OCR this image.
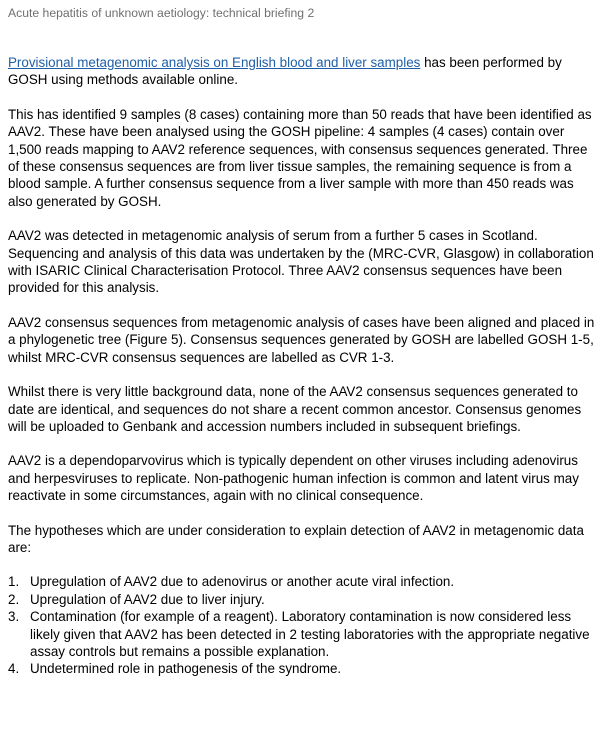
Acute hepatitis of unknown aetiology: technical briefing 2

Provisional metagenomic analysis on English blood and liver samples has been performed by GOSH using methods available online.

This has identified 9 samples (8 cases) containing more than 50 reads that have been identified as AAV2. These have been analysed using the GOSH pipeline: 4 samples (4 cases) contain over 1,500 reads mapping to AAV2 reference sequences, with consensus sequences generated. Three of these consensus sequences are from liver tissue samples, the remaining sequence is from a blood sample. A further consensus sequence from a liver sample with more than 450 reads was also generated by GOSH.

AAV2 was detected in metagenomic analysis of serum from a further 5 cases in Scotland. Sequencing and analysis of this data was undertaken by the (MRC-CVR, Glasgow) in collaboration with ISARIC Clinical Characterisation Protocol. Three AAV2 consensus sequences have been provided for this analysis.

AAV2 consensus sequences from metagenomic analysis of cases have been aligned and placed in a phylogenetic tree (Figure 5). Consensus sequences generated by GOSH are labelled GOSH 1-5, whilst MRC-CVR consensus sequences are labelled as CVR 1-3.

Whilst there is very little background data, none of the AAV2 consensus sequences generated to date are identical, and sequences do not share a recent common ancestor. Consensus genomes will be uploaded to Genbank and accession numbers included in subsequent briefings.

AAV2 is a dependoparvovirus which is typically dependent on other viruses including adenovirus and herpesviruses to replicate. Non-pathogenic human infection is common and latent virus may reactivate in some circumstances, again with no clinical consequence.

The hypotheses which are under consideration to explain detection of AAV2 in metagenomic data are:

1. Upregulation of AAV2 due to adenovirus or another acute viral infection.
2. Upregulation of AAV2 due to liver injury.
3. Contamination (for example of a reagent). Laboratory contamination is now considered less likely given that AAV2 has been detected in 2 testing laboratories with the appropriate negative assay controls but remains a possible explanation.
4. Undetermined role in pathogenesis of the syndrome.
